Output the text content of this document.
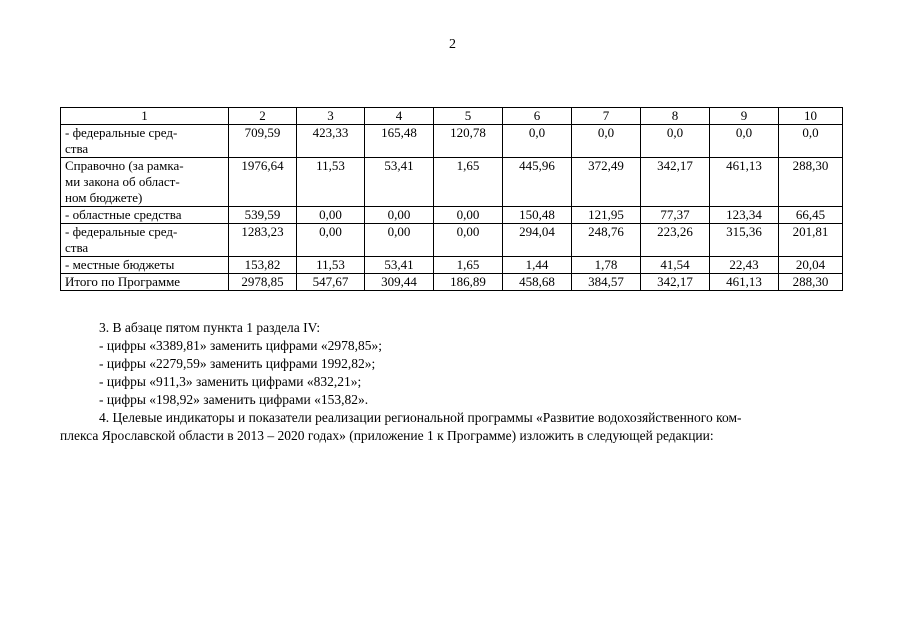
2
1	2	3	4	5	6	7	8	9	10
- федеральные сред-
ства	709,59	423,33	165,48	120,78	0,0	0,0	0,0	0,0	0,0
Справочно (за рамка-
ми закона об област-
ном бюджете)	1976,64	11,53	53,41	1,65	445,96	372,49	342,17	461,13	288,30
- областные средства	539,59	0,00	0,00	0,00	150,48	121,95	77,37	123,34	66,45
- федеральные сред-
ства	1283,23	0,00	0,00	0,00	294,04	248,76	223,26	315,36	201,81
- местные бюджеты	153,82	11,53	53,41	1,65	1,44	1,78	41,54	22,43	20,04
Итого по Программе	2978,85	547,67	309,44	186,89	458,68	384,57	342,17	461,13	288,30

3. В абзаце пятом пункта 1 раздела IV:

- цифры «3389,81» заменить цифрами «2978,85»;

- цифры «2279,59» заменить цифрами 1992,82»;

- цифры «911,3» заменить цифрами «832,21»;

- цифры «198,92» заменить цифрами «153,82».

4. Целевые индикаторы и показатели реализации региональной программы «Развитие водохозяйственного ком-
плекса Ярославской области в 2013 – 2020 годах» (приложение 1 к Программе) изложить в следующей редакции:
